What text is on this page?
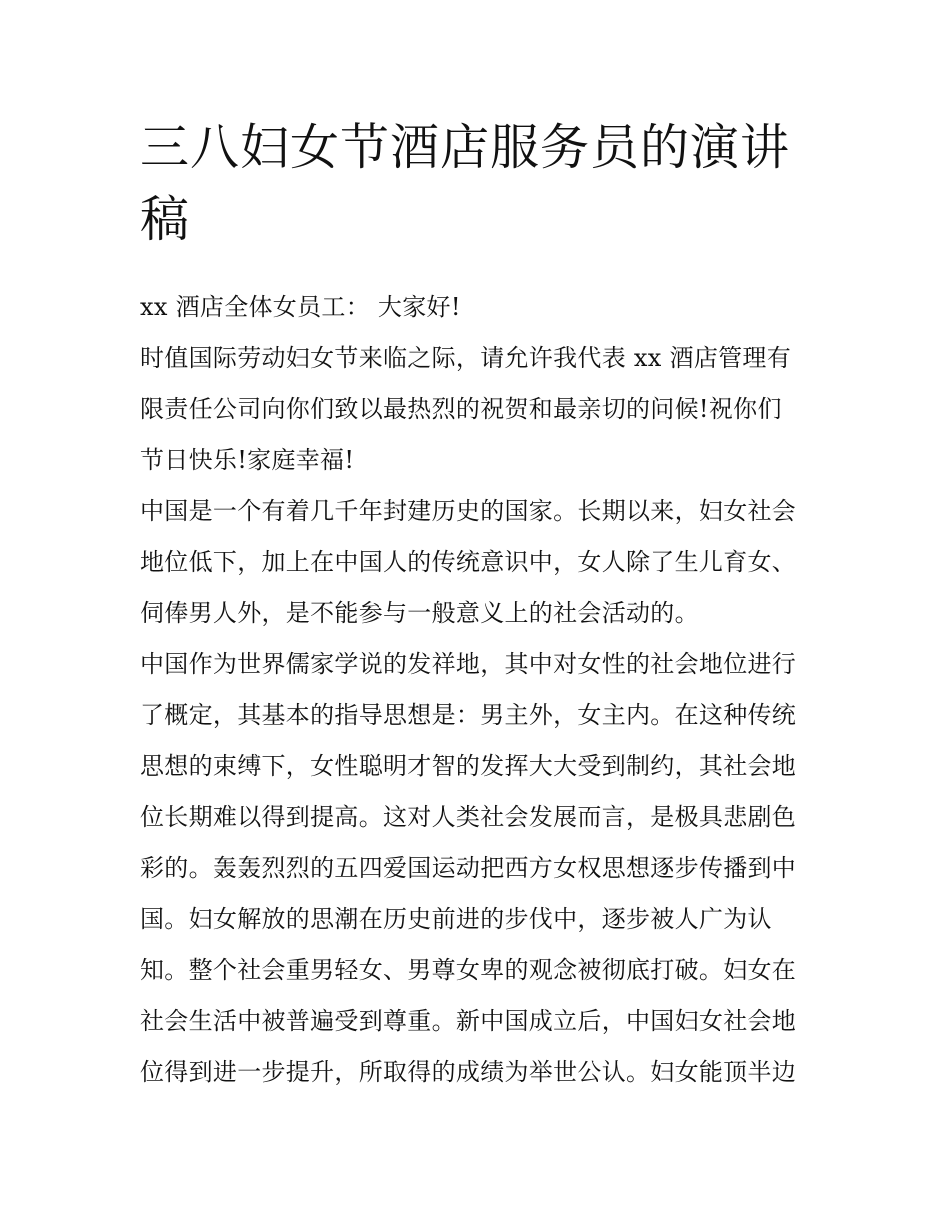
三八妇女节酒店服务员的演讲
稿
xx 酒店全体女员工： 大家好!
时值国际劳动妇女节来临之际，请允许我代表 xx 酒店管理有
限责任公司向你们致以最热烈的祝贺和最亲切的问候!祝你们
节日快乐!家庭幸福!
中国是一个有着几千年封建历史的国家。长期以来，妇女社会
地位低下，加上在中国人的传统意识中，女人除了生儿育女、
伺俸男人外，是不能参与一般意义上的社会活动的。
中国作为世界儒家学说的发祥地，其中对女性的社会地位进行
了概定，其基本的指导思想是：男主外，女主内。在这种传统
思想的束缚下，女性聪明才智的发挥大大受到制约，其社会地
位长期难以得到提高。这对人类社会发展而言，是极具悲剧色
彩的。轰轰烈烈的五四爱国运动把西方女权思想逐步传播到中
国。妇女解放的思潮在历史前进的步伐中，逐步被人广为认
知。整个社会重男轻女、男尊女卑的观念被彻底打破。妇女在
社会生活中被普遍受到尊重。新中国成立后，中国妇女社会地
位得到进一步提升，所取得的成绩为举世公认。妇女能顶半边
